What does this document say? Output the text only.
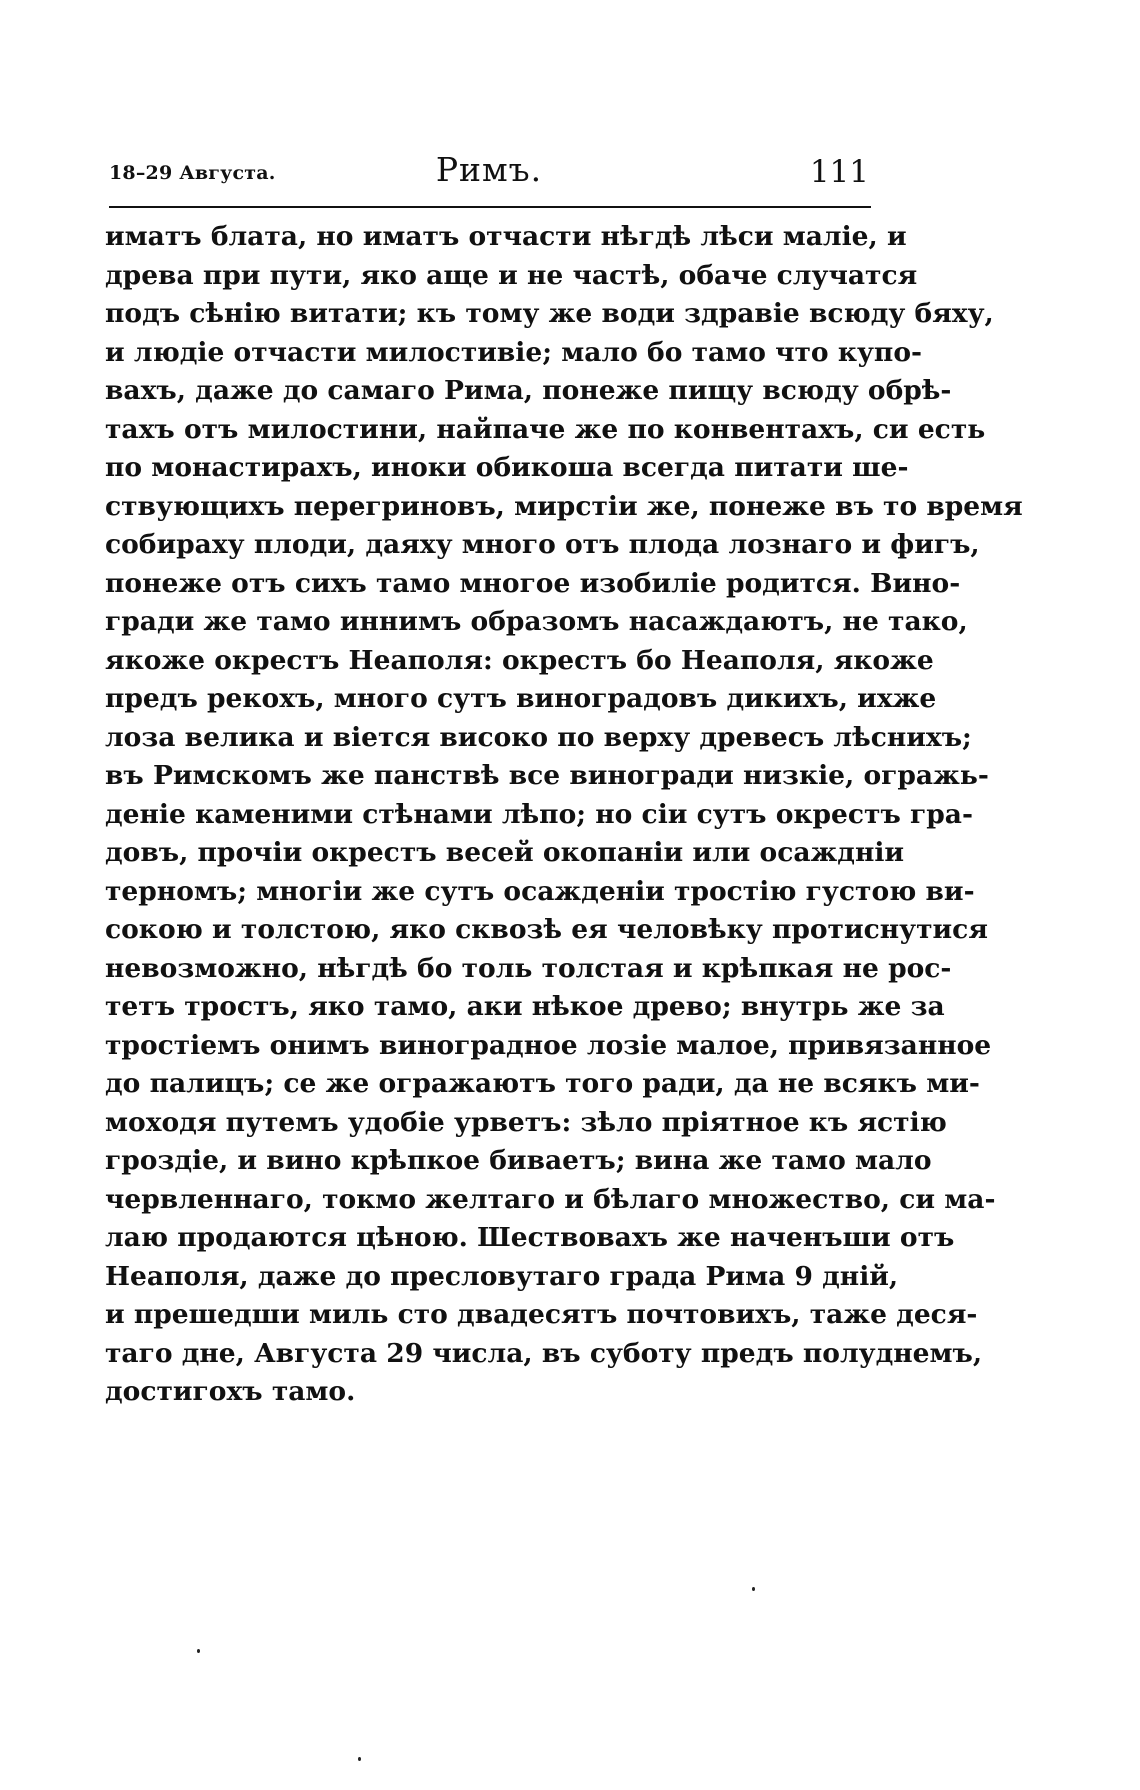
18–29 Августа.	Римъ.	111
иматъ блата, но иматъ отчасти нѣгдѣ лѣси малiе, и
древа при пути, яко аще и не частѣ, обаче случатся
подъ сѣнiю витати; къ тому же води здравiе всюду бяху,
и людiе отчасти милостивiе; мало бо тамо что купо-
вахъ, даже до самаго Рима, понеже пищу всюду обрѣ-
тахъ отъ милостини, найпаче же по конвентахъ, си есть
по монастирахъ, иноки обикоша всегда питати ше-
ствующихъ перегриновъ, мирстiи же, понеже въ то время
собираху плоди, даяху много отъ плода лознаго и фигъ,
понеже отъ сихъ тамо многое изобилiе родится. Вино-
гради же тамо иннимъ образомъ насаждаютъ, не тако,
якоже окрестъ Неаполя: окрестъ бо Неаполя, якоже
предъ рекохъ, много сутъ виноградовъ дикихъ, ихже
лоза велика и вiется високо по верху древесъ лѣснихъ;
въ Римскомъ же панствѣ все виногради низкiе, огражь-
денiе каменими стѣнами лѣпо; но сiи сутъ окрестъ гра-
довъ, прочiи окрестъ весей окопанiи или осаждніи
терномъ; многiи же сутъ осажденiи тростiю густою ви-
сокою и толстою, яко сквозѣ ея человѣку протиснутися
невозможно, нѣгдѣ бо толь толстая и крѣпкая не рос-
тетъ тростъ, яко тамо, аки нѣкое древо; внутрь же за
тростiемъ онимъ виноградное лозiе малое, привязанное
до палицъ; се же огражаютъ того ради, да не всякъ ми-
моходя путемъ удобiе урветъ: зѣло прiятное къ ястiю
гроздiе, и вино крѣпкое биваетъ; вина же тамо мало
червленнаго, токмо желтаго и бѣлаго множество, си ма-
лаю продаются цѣною. Шествовахъ же наченъши отъ
Неаполя, даже до пресловутаго града Рима 9 днiй,
и прешедши миль сто двадесятъ почтовихъ, таже деся-
таго дне, Августа 29 числа, въ суботу предъ полуднемъ,
достигохъ тамо.
